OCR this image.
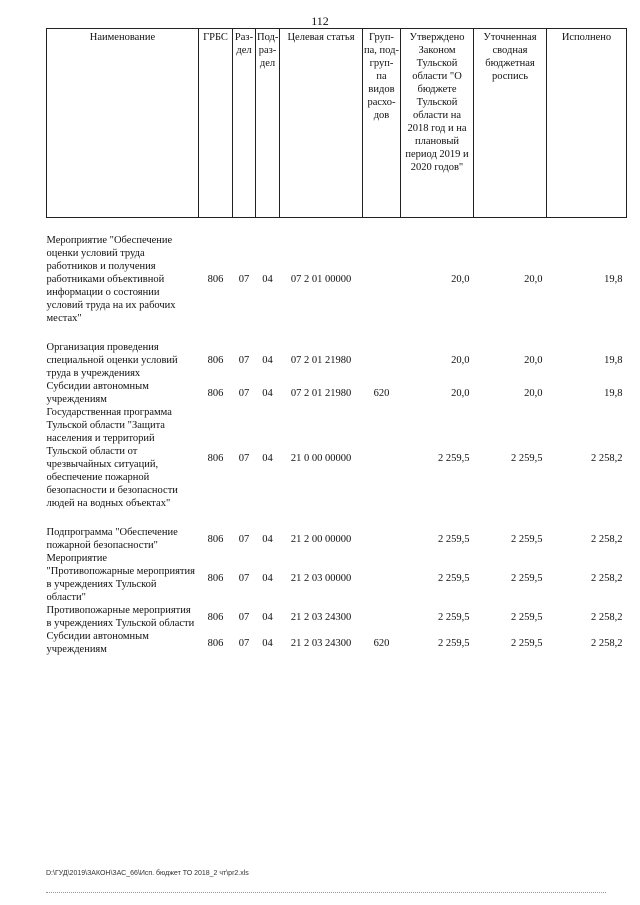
112
Наименование	ГРБС	Раз- дел	Под- раз- дел	Целевая статья	Груп- па, под- груп- па видов расхо- дов	Утверждено Законом Тульской области "О бюджете Тульской области на 2018 год и на плановый период 2019 и 2020 годов"	Уточненная сводная бюджетная роспись	Исполнено

Мероприятие "Обеспечение оценки условий труда работников и получения работниками объективной информации о состоянии условий труда на их рабочих местах"	806	07	04	07 2 01 00000		20,0	20,0	19,8

Организация проведения специальной оценки условий труда в учреждениях	806	07	04	07 2 01 21980		20,0	20,0	19,8
Субсидии автономным учреждениям	806	07	04	07 2 01 21980	620	20,0	20,0	19,8
Государственная программа Тульской области "Защита населения и территорий Тульской области от чрезвычайных ситуаций, обеспечение пожарной безопасности и безопасности людей на водных объектах"	806	07	04	21 0 00 00000		2 259,5	2 259,5	2 258,2

Подпрограмма "Обеспечение пожарной безопасности"	806	07	04	21 2 00 00000		2 259,5	2 259,5	2 258,2
Мероприятие "Противопожарные мероприятия в учреждениях Тульской области"	806	07	04	21 2 03 00000		2 259,5	2 259,5	2 258,2
Противопожарные мероприятия в учреждениях Тульской области	806	07	04	21 2 03 24300		2 259,5	2 259,5	2 258,2
Субсидии автономным учреждениям	806	07	04	21 2 03 24300	620	2 259,5	2 259,5	2 258,2
D:\ГУД\2019\ЗАКОН\ЗАС_66\Исп. бюджет ТО 2018_2 чт\pr2.xls
